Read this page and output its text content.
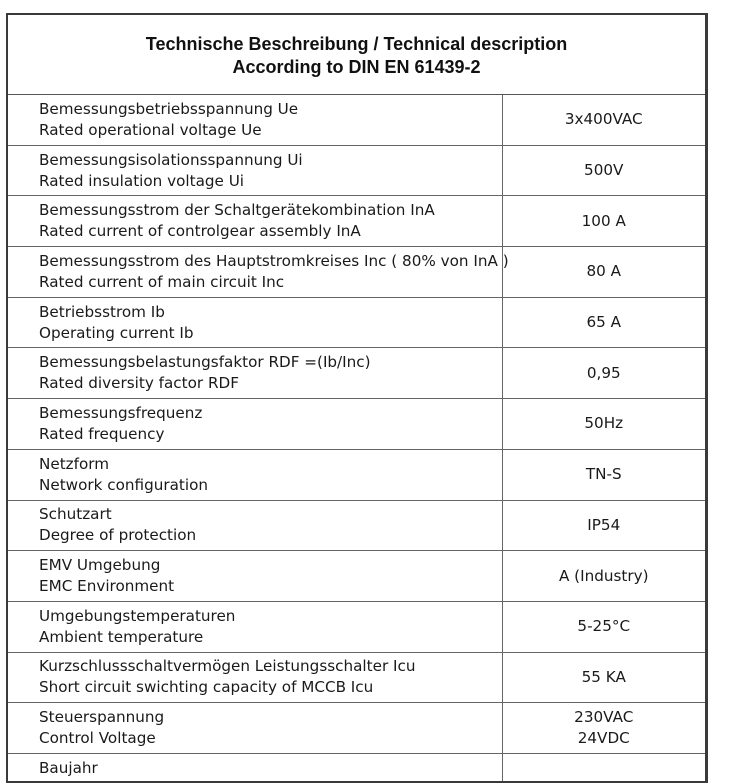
Technische Beschreibung / Technical description
According to DIN EN 61439-2
Bemessungsbetriebsspannung Ue
Rated operational voltage Ue	3x400VAC

Bemessungsisolationsspannung Ui
Rated insulation voltage Ui	500V

Bemessungsstrom der Schaltgerätekombination InA
Rated current of controlgear assembly InA	100 A

Bemessungsstrom des Hauptstromkreises Inc ( 80% von InA )
Rated current of main circuit Inc	80 A

Betriebsstrom Ib
Operating current Ib	65 A

Bemessungsbelastungsfaktor RDF =(Ib/Inc)
Rated diversity factor RDF	0,95

Bemessungsfrequenz
Rated frequency	50Hz

Netzform
Network configuration	TN-S

Schutzart
Degree of protection	IP54

EMV Umgebung
EMC Environment	A (Industry)

Umgebungstemperaturen
Ambient temperature	5-25°C

Kurzschlussschaltvermögen Leistungsschalter Icu
Short circuit swichting capacity of MCCB Icu	55 KA

Steuerspannung
Control Voltage	230VAC
24VDC

Baujahr	
